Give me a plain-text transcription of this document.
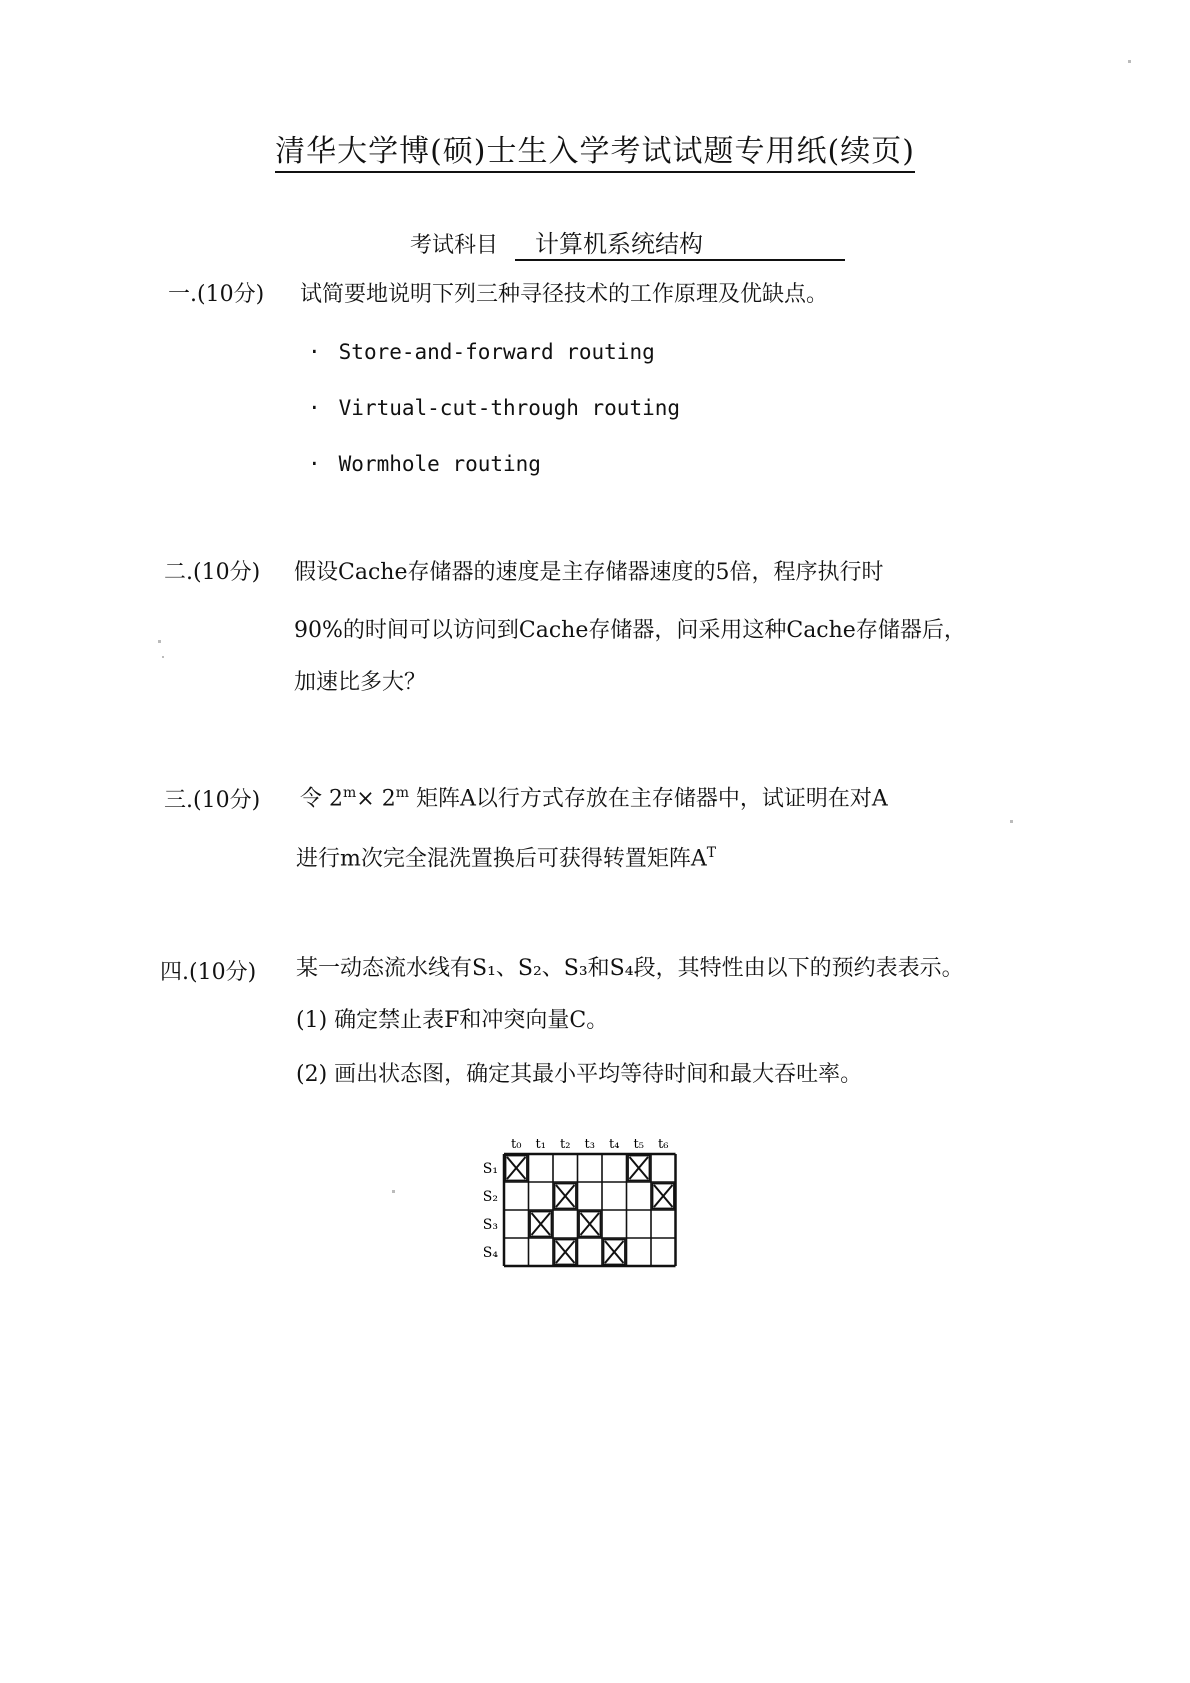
清华大学博(硕)士生入学考试试题专用纸(续页)
考试科目 计算机系统结构
一.(10分) 试简要地说明下列三种寻径技术的工作原理及优缺点。
· Store-and-forward routing
· Virtual-cut-through routing
· Wormhole routing
二.(10分) 假设Cache存储器的速度是主存储器速度的5倍，程序执行时
90%的时间可以访问到Cache存储器，问采用这种Cache存储器后，
加速比多大？
三.(10分) 令 $2^m\times 2^m$ 矩阵A以行方式存放在主存储器中，试证明在对A
进行m次完全混洗置换后可获得转置矩阵$A^T$
四.(10分) 某一动态流水线有S₁、S₂、S₃和S₄段，其特性由以下的预约表表示。
(1) 确定禁止表F和冲突向量C。
(2) 画出状态图，确定其最小平均等待时间和最大吞吐率。
t₀ t₁ t₂ t₃ t₄ t₅ t₆
S₁
S₂
S₃
S₄
